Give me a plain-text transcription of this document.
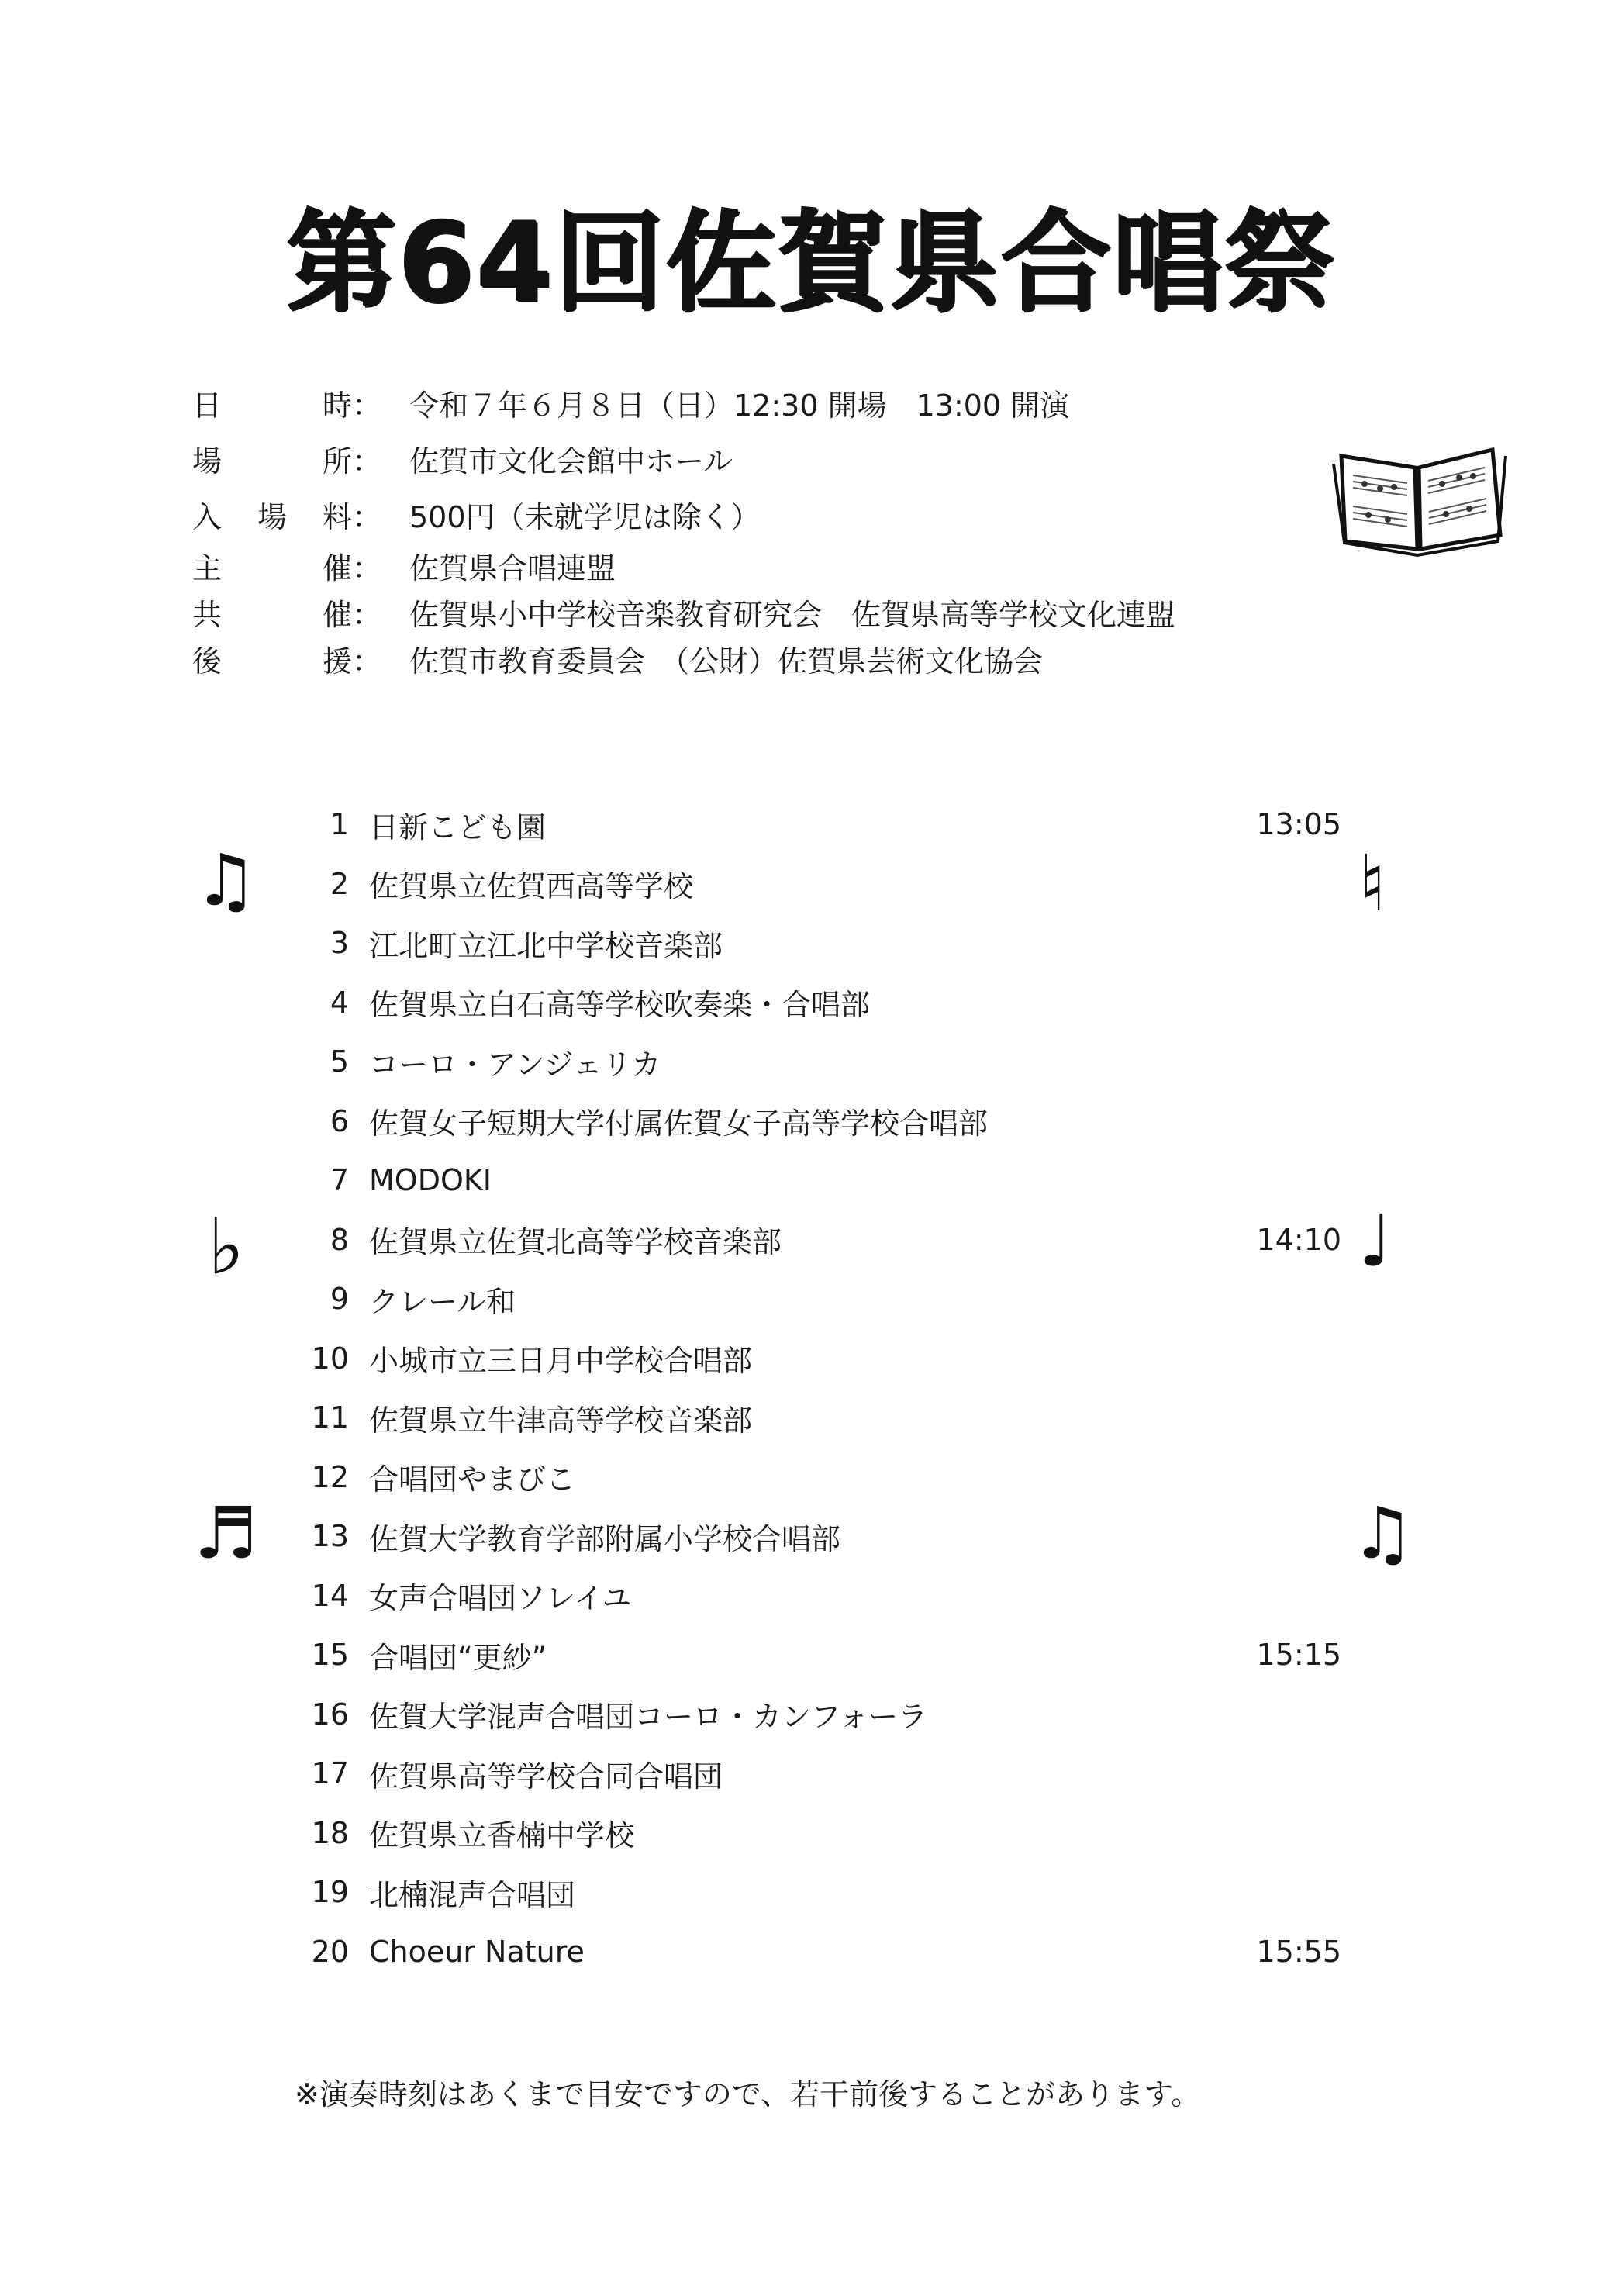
第64回佐賀県合唱祭
日	時： 令和７年６月８日（日）12:30 開場　13:00 開演
場	所： 佐賀市文化会館中ホール
入 場 料： 500円（未就学児は除く）
主	催： 佐賀県合唱連盟
共	催： 佐賀県小中学校音楽教育研究会　佐賀県高等学校文化連盟
後	援： 佐賀市教育委員会　（公財）佐賀県芸術文化協会
1 日新こども園	13:05
2 佐賀県立佐賀西高等学校
3 江北町立江北中学校音楽部
4 佐賀県立白石高等学校吹奏楽・合唱部
5 コーロ・アンジェリカ
6 佐賀女子短期大学付属佐賀女子高等学校合唱部
7 MODOKI
8 佐賀県立佐賀北高等学校音楽部	14:10
9 クレール和
10 小城市立三日月中学校合唱部
11 佐賀県立牛津高等学校音楽部
12 合唱団やまびこ
13 佐賀大学教育学部附属小学校合唱部
14 女声合唱団ソレイユ
15 合唱団“更紗”	15:15
16 佐賀大学混声合唱団コーロ・カンフォーラ
17 佐賀県高等学校合同合唱団
18 佐賀県立香楠中学校
19 北楠混声合唱団
20 Choeur Nature	15:55
♫
♭
♬
♮
♩
♫
※演奏時刻はあくまで目安ですので、若干前後することがあります。
